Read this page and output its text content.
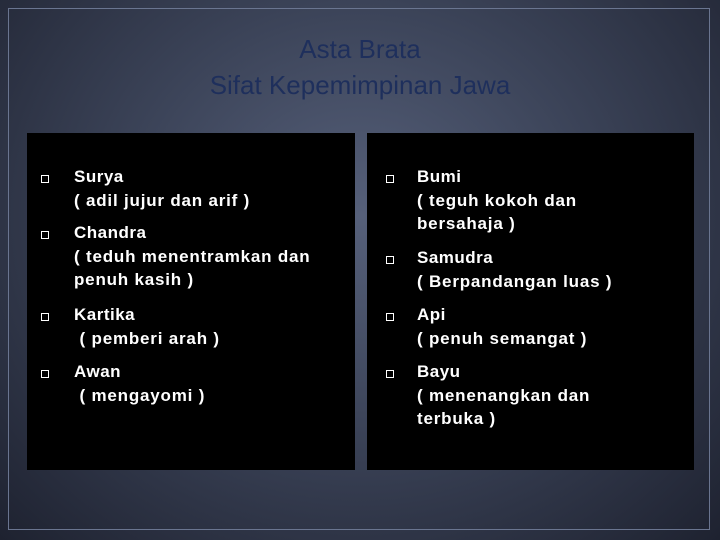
Asta Brata
Sifat Kepemimpinan Jawa
Surya
( adil jujur dan arif )
Chandra
( teduh menentramkan dan penuh kasih )
Kartika
( pemberi arah )
Awan
( mengayomi )
Bumi
( teguh kokoh dan bersahaja )
Samudra
( Berpandangan luas )
Api
( penuh semangat )
Bayu
( menenangkan dan terbuka )
